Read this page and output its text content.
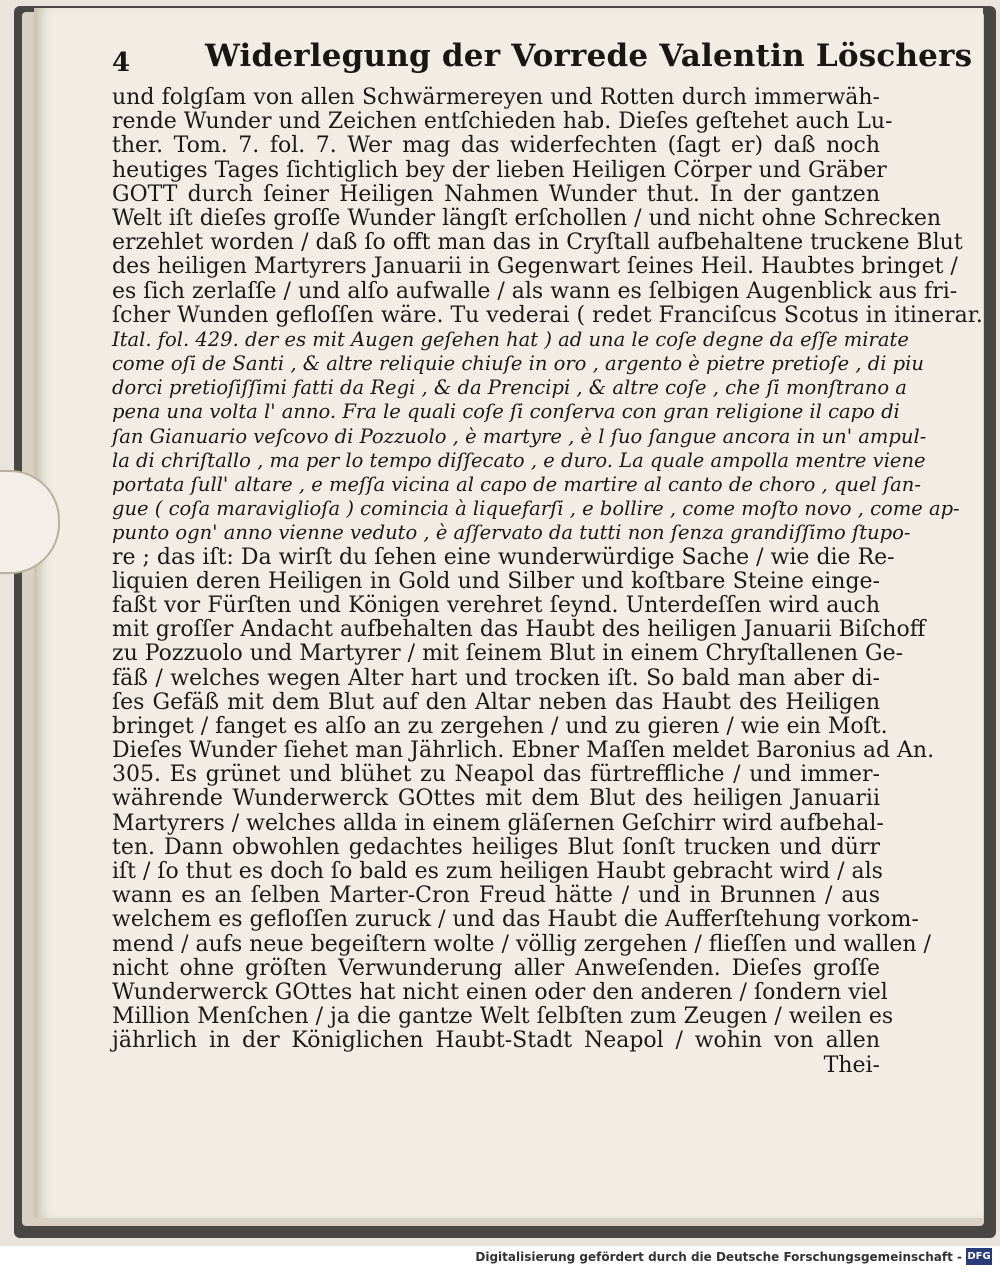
4 Widerlegung der Vorrede Valentin Löschers
und folgſam von allen Schwärmereyen und Rotten durch immerwäh-
rende Wunder und Zeichen entſchieden hab. Dieſes geſtehet auch Lu-
ther. Tom. 7. fol. 7. Wer mag das widerfechten (ſagt er) daß noch
heutiges Tages ſichtiglich bey der lieben Heiligen Cörper und Gräber
GOTT durch ſeiner Heiligen Nahmen Wunder thut. In der gantzen
Welt iſt dieſes groſſe Wunder längſt erſchollen / und nicht ohne Schrecken
erzehlet worden / daß ſo offt man das in Cryſtall aufbehaltene truckene Blut
des heiligen Martyrers Januarii in Gegenwart ſeines Heil. Haubtes bringet /
es ſich zerlaſſe / und alſo aufwalle / als wann es ſelbigen Augenblick aus fri-
ſcher Wunden gefloſſen wäre. Tu vederai ( redet Franciſcus Scotus in itinerar.
Ital. fol. 429. der es mit Augen geſehen hat ) ad una le coſe degne da eſſe mirate
come oſi de Santi , & altre reliquie chiuſe in oro , argento è pietre pretioſe , di piu
dorci pretioſiſſimi fatti da Regi , & da Prencipi , & altre coſe , che ſi monſtrano a
pena una volta l' anno. Fra le quali coſe ſi conſerva con gran religione il capo di
ſan Gianuario veſcovo di Pozzuolo , è martyre , è l ſuo ſangue ancora in un' ampul-
la di chriſtallo , ma per lo tempo diſſecato , e duro. La quale ampolla mentre viene
portata ſull' altare , e meſſa vicina al capo de martire al canto de choro , quel ſan-
gue ( coſa maraviglioſa ) comincia à liquefarſi , e bollire , come moſto novo , come ap-
punto ogn' anno vienne veduto , è aſſervato da tutti non ſenza grandiſſimo ſtupo-
re ; das iſt: Da wirſt du ſehen eine wunderwürdige Sache / wie die Re-
liquien deren Heiligen in Gold und Silber und koſtbare Steine einge-
faßt vor Fürſten und Königen verehret ſeynd. Unterdeſſen wird auch
mit groſſer Andacht aufbehalten das Haubt des heiligen Januarii Biſchoff
zu Pozzuolo und Martyrer / mit ſeinem Blut in einem Chryſtallenen Ge-
fäß / welches wegen Alter hart und trocken iſt. So bald man aber di-
ſes Gefäß mit dem Blut auf den Altar neben das Haubt des Heiligen
bringet / fanget es alſo an zu zergehen / und zu gieren / wie ein Moſt.
Dieſes Wunder ſiehet man Jährlich. Ebner Maſſen meldet Baronius ad An.
305. Es grünet und blühet zu Neapol das fürtreffliche / und immer-
währende Wunderwerck GOttes mit dem Blut des heiligen Januarii
Martyrers / welches allda in einem gläſernen Geſchirr wird aufbehal-
ten. Dann obwohlen gedachtes heiliges Blut ſonſt trucken und dürr
iſt / ſo thut es doch ſo bald es zum heiligen Haubt gebracht wird / als
wann es an ſelben Marter-Cron Freud hätte / und in Brunnen / aus
welchem es gefloſſen zuruck / und das Haubt die Aufferſtehung vorkom-
mend / aufs neue begeiſtern wolte / völlig zergehen / flieſſen und wallen /
nicht ohne gröſten Verwunderung aller Anweſenden. Dieſes groſſe
Wunderwerck GOttes hat nicht einen oder den anderen / ſondern viel
Million Menſchen / ja die gantze Welt ſelbſten zum Zeugen / weilen es
jährlich in der Königlichen Haubt-Stadt Neapol / wohin von allen
Thei-
Digitalisierung gefördert durch die Deutsche Forschungsgemeinschaft - DFG
